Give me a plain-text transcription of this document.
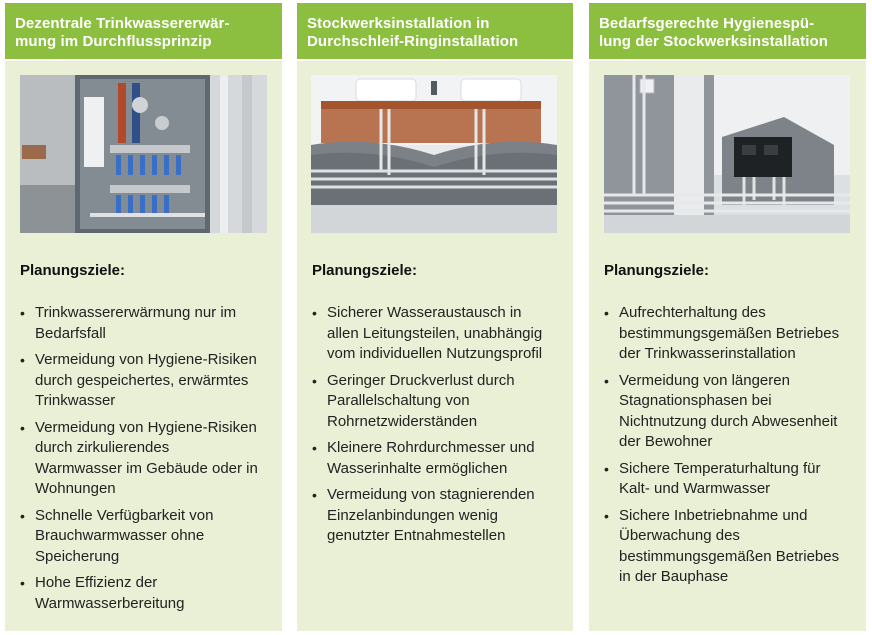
Dezentrale Trinkwassererwär-
mung im Durchflussprinzip
Planungsziele:
• Trinkwassererwärmung nur im
Bedarfsfall
• Vermeidung von Hygiene-Risiken
durch gespeichertes, erwärmtes
Trinkwasser
• Vermeidung von Hygiene-Risiken
durch zirkulierendes
Warmwasser im Gebäude oder in
Wohnungen
• Schnelle Verfügbarkeit von
Brauchwarmwasser ohne
Speicherung
• Hohe Effizienz der
Warmwasserbereitung
Stockwerksinstallation in
Durchschleif-Ringinstallation
Planungsziele:
• Sicherer Wasseraustausch in
allen Leitungsteilen, unabhängig
vom individuellen Nutzungsprofil
• Geringer Druckverlust durch
Parallelschaltung von
Rohrnetzwiderständen
• Kleinere Rohrdurchmesser und
Wasserinhalte ermöglichen
• Vermeidung von stagnierenden
Einzelanbindungen wenig
genutzter Entnahmestellen
Bedarfsgerechte Hygienespü-
lung der Stockwerksinstallation
Planungsziele:
• Aufrechterhaltung des
bestimmungsgemäßen Betriebes
der Trinkwasserinstallation
• Vermeidung von längeren
Stagnationsphasen bei
Nichtnutzung durch Abwesenheit
der Bewohner
• Sichere Temperaturhaltung für
Kalt- und Warmwasser
• Sichere Inbetriebnahme und
Überwachung des
bestimmungsgemäßen Betriebes
in der Bauphase
